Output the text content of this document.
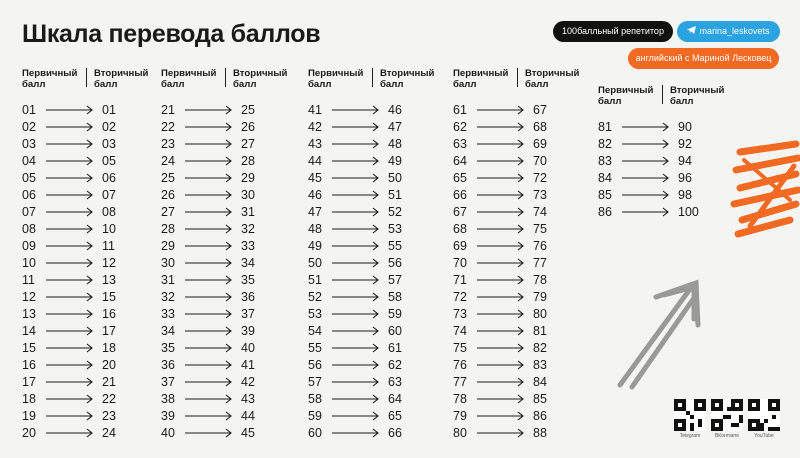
Шкала перевода баллов	100балльный репетитор	marina_leskovets
английский с Мариной Лесковец
Первичный
балл
Вторичный
балл
01	01
02	02
03	03
04	05
05	06
06	07
07	08
08	10
09	11
10	12
11	13
12	15
13	16
14	17
15	18
16	20
17	21
18	22
19	23
20	24
Первичный
балл
Вторичный
балл
21	25
22	26
23	27
24	28
25	29
26	30
27	31
28	32
29	33
30	34
31	35
32	36
33	37
34	39
35	40
36	41
37	42
38	43
39	44
40	45
Первичный
балл
Вторичный
балл
41	46
42	47
43	48
44	49
45	50
46	51
47	52
48	53
49	55
50	56
51	57
52	58
53	59
54	60
55	61
56	62
57	63
58	64
59	65
60	66
Первичный
балл
Вторичный
балл
61	67
62	68
63	69
64	70
65	72
66	73
67	74
68	75
69	76
70	77
71	78
72	79
73	80
74	81
75	82
76	83
77	84
78	85
79	86
80	88
Первичный
балл
Вторичный
балл
81	90
82	92
83	94
84	96
85	98
86	100
Telegram	ВКонтакте	YouTube
